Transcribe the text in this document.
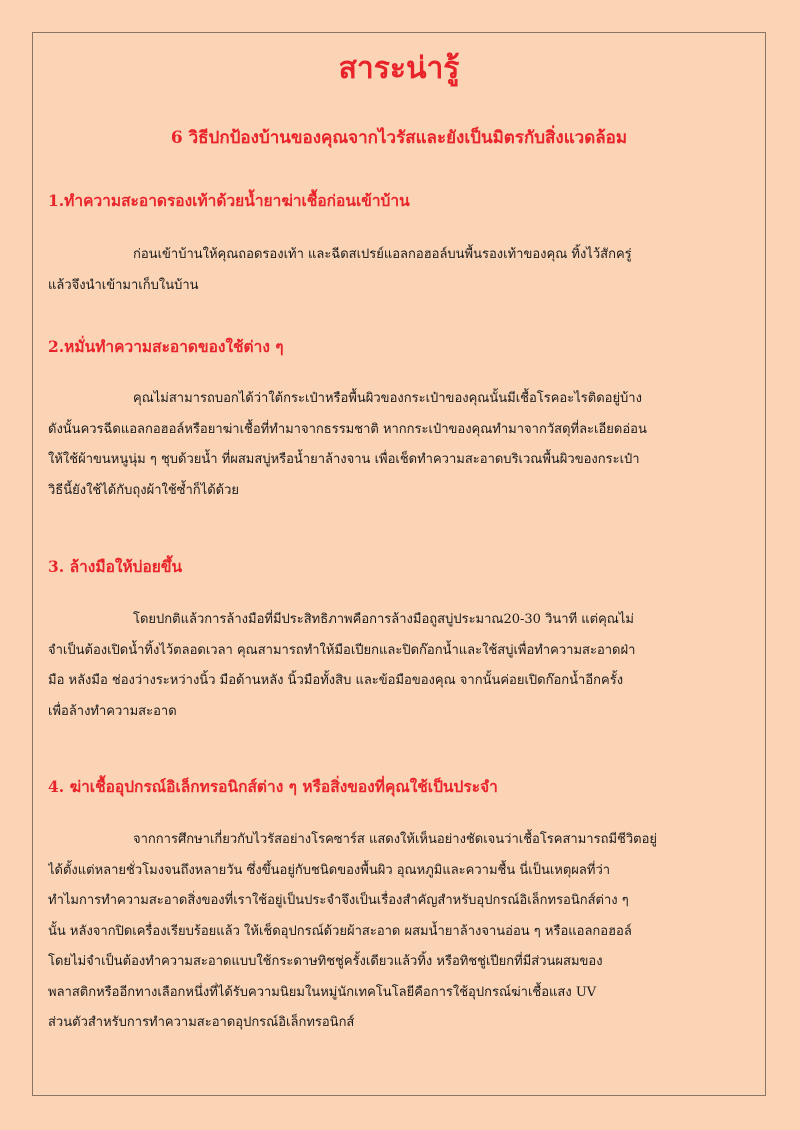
สาระน่ารู้
6 วิธีปกป้องบ้านของคุณจากไวรัสและยังเป็นมิตรกับสิ่งแวดล้อม
1.ทำความสะอาดรองเท้าด้วยน้ำยาฆ่าเชื้อก่อนเข้าบ้าน
ก่อนเข้าบ้านให้คุณถอดรองเท้า และฉีดสเปรย์แอลกอฮอล์บนพื้นรองเท้าของคุณ ทิ้งไว้สักครู่
แล้วจึงนำเข้ามาเก็บในบ้าน
2.หมั่นทำความสะอาดของใช้ต่าง ๆ
คุณไม่สามารถบอกได้ว่าใต้กระเป๋าหรือพื้นผิวของกระเป๋าของคุณนั้นมีเชื้อโรคอะไรติดอยู่บ้าง
ดังนั้นควรฉีดแอลกอฮอล์หรือยาฆ่าเชื้อที่ทำมาจากธรรมชาติ หากกระเป๋าของคุณทำมาจากวัสดุที่ละเอียดอ่อน
ให้ใช้ผ้าขนหนูนุ่ม ๆ ชุบด้วยน้ำ ที่ผสมสบู่หรือน้ำยาล้างจาน เพื่อเช็ดทำความสะอาดบริเวณพื้นผิวของกระเป๋า
วิธีนี้ยังใช้ได้กับถุงผ้าใช้ซ้ำก็ได้ด้วย
3. ล้างมือให้บ่อยขึ้น
โดยปกติแล้วการล้างมือที่มีประสิทธิภาพคือการล้างมือถูสบู่ประมาณ20-30 วินาที แต่คุณไม่
จำเป็นต้องเปิดน้ำทิ้งไว้ตลอดเวลา คุณสามารถทำให้มือเปียกและปิดก๊อกน้ำและใช้สบู่เพื่อทำความสะอาดฝ่า
มือ หลังมือ ช่องว่างระหว่างนิ้ว มือด้านหลัง นิ้วมือทั้งสิบ และข้อมือของคุณ จากนั้นค่อยเปิดก๊อกน้ำอีกครั้ง
เพื่อล้างทำความสะอาด
4. ฆ่าเชื้ออุปกรณ์อิเล็กทรอนิกส์ต่าง ๆ หรือสิ่งของที่คุณใช้เป็นประจำ
จากการศึกษาเกี่ยวกับไวรัสอย่างโรคซาร์ส แสดงให้เห็นอย่างชัดเจนว่าเชื้อโรคสามารถมีชีวิตอยู่
ได้ตั้งแต่หลายชั่วโมงจนถึงหลายวัน ซึ่งขึ้นอยู่กับชนิดของพื้นผิว อุณหภูมิและความชื้น นี่เป็นเหตุผลที่ว่า
ทำไมการทำความสะอาดสิ่งของที่เราใช้อยู่เป็นประจำจึงเป็นเรื่องสำคัญสำหรับอุปกรณ์อิเล็กทรอนิกส์ต่าง ๆ
นั้น หลังจากปิดเครื่องเรียบร้อยแล้ว ให้เช็ดอุปกรณ์ด้วยผ้าสะอาด ผสมน้ำยาล้างจานอ่อน ๆ หรือแอลกอฮอล์
โดยไม่จำเป็นต้องทำความสะอาดแบบใช้กระดาษทิชชู่ครั้งเดียวแล้วทิ้ง หรือทิชชู่เปียกที่มีส่วนผสมของ
พลาสติกหรืออีกทางเลือกหนึ่งที่ได้รับความนิยมในหมู่นักเทคโนโลยีคือการใช้อุปกรณ์ฆ่าเชื้อแสง UV
ส่วนตัวสำหรับการทำความสะอาดอุปกรณ์อิเล็กทรอนิกส์
